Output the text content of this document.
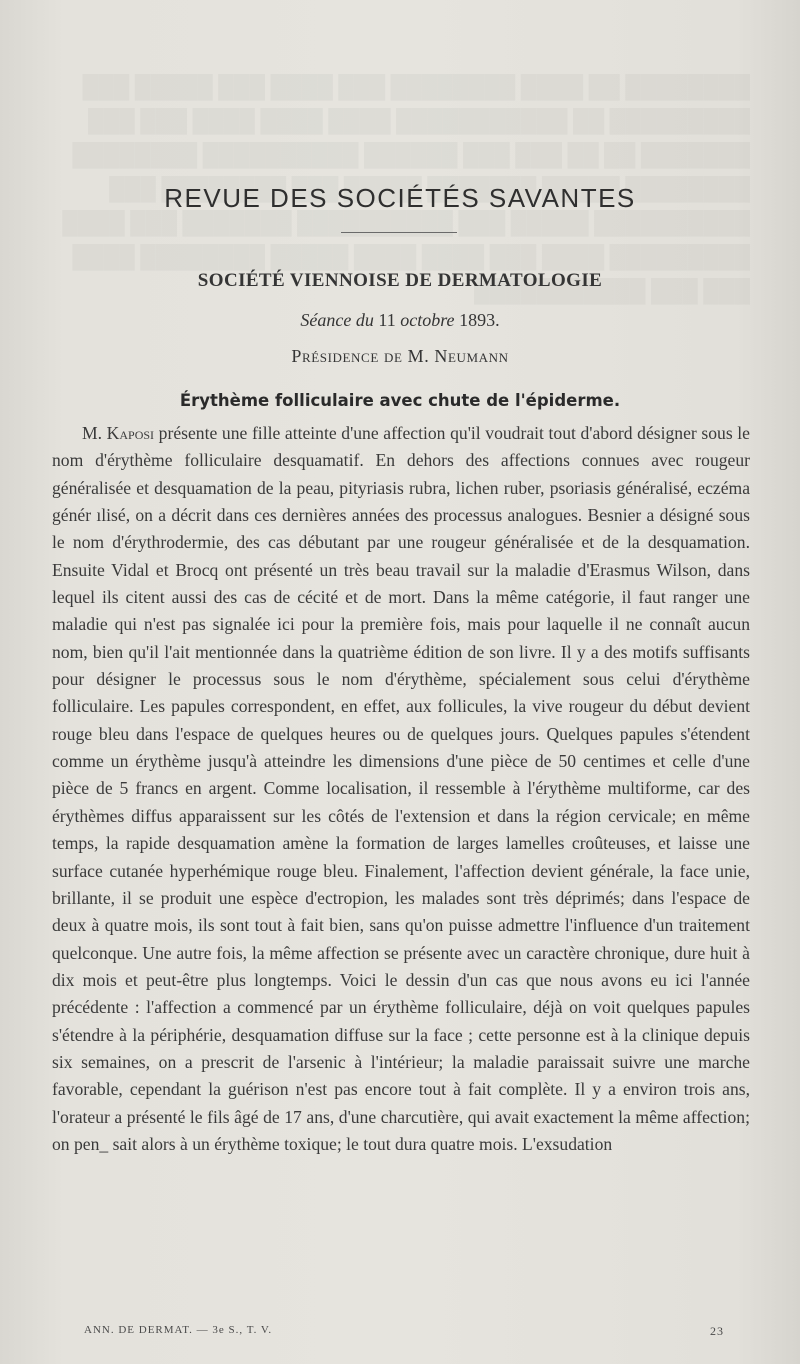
REVUE DES SOCIÉTÉS SAVANTES
SOCIÉTÉ VIENNOISE DE DERMATOLOGIE
Séance du 11 octobre 1893.
Présidence de M. Neumann
Érythème folliculaire avec chute de l'épiderme.

M. Kaposi présente une fille atteinte d'une affection qu'il voudrait tout d'abord désigner sous le nom d'érythème folliculaire desquamatif. En dehors des affections connues avec rougeur généralisée et desquamation de la peau, pityriasis rubra, lichen ruber, psoriasis généralisé, eczéma génér ılisé, on a décrit dans ces dernières années des processus analogues. Besnier a désigné sous le nom d'érythrodermie, des cas débutant par une rougeur généralisée et de la desquamation. Ensuite Vidal et Brocq ont présenté un très beau travail sur la maladie d'Erasmus Wilson, dans lequel ils citent aussi des cas de cécité et de mort. Dans la même catégorie, il faut ranger une maladie qui n'est pas signalée ici pour la première fois, mais pour laquelle il ne connaît aucun nom, bien qu'il l'ait mentionnée dans la quatrième édition de son livre. Il y a des motifs suffisants pour désigner le processus sous le nom d'érythème, spécialement sous celui d'érythème folliculaire. Les papules correspondent, en effet, aux follicules, la vive rougeur du début devient rouge bleu dans l'espace de quelques heures ou de quelques jours. Quelques papules s'étendent comme un érythème jusqu'à atteindre les dimensions d'une pièce de 50 centimes et celle d'une pièce de 5 francs en argent. Comme localisation, il ressemble à l'érythème multiforme, car des érythèmes diffus apparaissent sur les côtés de l'extension et dans la région cervicale; en même temps, la rapide desquamation amène la formation de larges lamelles croûteuses, et laisse une surface cutanée hyperhémique rouge bleu. Finalement, l'affection devient générale, la face unie, brillante, il se produit une espèce d'ectropion, les malades sont très déprimés; dans l'espace de deux à quatre mois, ils sont tout à fait bien, sans qu'on puisse admettre l'influence d'un traitement quelconque. Une autre fois, la même affection se présente avec un caractère chronique, dure huit à dix mois et peut-être plus longtemps. Voici le dessin d'un cas que nous avons eu ici l'année précédente : l'affection a commencé par un érythème folliculaire, déjà on voit quelques papules s'étendre à la périphérie, desquamation diffuse sur la face ; cette personne est à la clinique depuis six semaines, on a prescrit de l'arsenic à l'intérieur; la maladie paraissait suivre une marche favorable, cependant la guérison n'est pas encore tout à fait complète. Il y a environ trois ans, l'orateur a présenté le fils âgé de 17 ans, d'une charcutière, qui avait exactement la même affection; on pen_ sait alors à un érythème toxique; le tout dura quatre mois. L'exsudation

ANN. DE DERMAT. — 3e S., T. V.	23
